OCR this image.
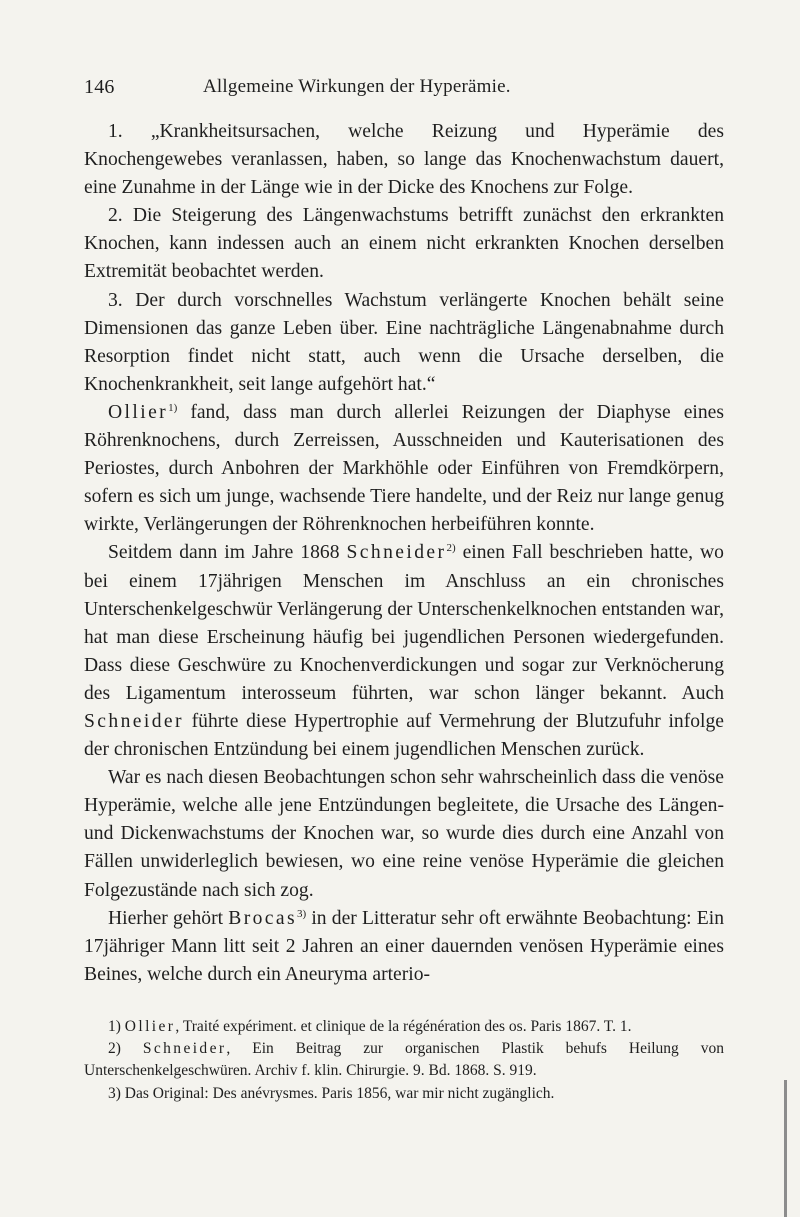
146	Allgemeine Wirkungen der Hyperämie.

1. „Krankheitsursachen, welche Reizung und Hyperämie des Knochengewebes veranlassen, haben, so lange das Knochenwachstum dauert, eine Zunahme in der Länge wie in der Dicke des Knochens zur Folge.

2. Die Steigerung des Längenwachstums betrifft zunächst den erkrankten Knochen, kann indessen auch an einem nicht erkrankten Knochen derselben Extremität beobachtet werden.

3. Der durch vorschnelles Wachstum verlängerte Knochen behält seine Dimensionen das ganze Leben über. Eine nachträgliche Längenabnahme durch Resorption findet nicht statt, auch wenn die Ursache derselben, die Knochenkrankheit, seit lange aufgehört hat.“

Ollier$^{1)}$ fand, dass man durch allerlei Reizungen der Diaphyse eines Röhrenknochens, durch Zerreissen, Ausschneiden und Kauterisationen des Periostes, durch Anbohren der Markhöhle oder Einführen von Fremdkörpern, sofern es sich um junge, wachsende Tiere handelte, und der Reiz nur lange genug wirkte, Verlängerungen der Röhrenknochen herbeiführen konnte.

Seitdem dann im Jahre 1868 Schneider$^{2)}$ einen Fall beschrieben hatte, wo bei einem 17jährigen Menschen im Anschluss an ein chronisches Unterschenkelgeschwür Verlängerung der Unterschenkelknochen entstanden war, hat man diese Erscheinung häufig bei jugendlichen Personen wiedergefunden. Dass diese Geschwüre zu Knochenverdickungen und sogar zur Verknöcherung des Ligamentum interosseum führten, war schon länger bekannt. Auch Schneider führte diese Hypertrophie auf Vermehrung der Blutzufuhr infolge der chronischen Entzündung bei einem jugendlichen Menschen zurück.

War es nach diesen Beobachtungen schon sehr wahrscheinlich dass die venöse Hyperämie, welche alle jene Entzündungen begleitete, die Ursache des Längen- und Dickenwachstums der Knochen war, so wurde dies durch eine Anzahl von Fällen unwiderleglich bewiesen, wo eine reine venöse Hyperämie die gleichen Folgezustände nach sich zog.

Hierher gehört Brocas$^{3)}$ in der Litteratur sehr oft erwähnte Beobachtung: Ein 17jähriger Mann litt seit 2 Jahren an einer dauernden venösen Hyperämie eines Beines, welche durch ein Aneuryma arterio-

1) Ollier, Traité expériment. et clinique de la régénération des os. Paris 1867. T. 1.

2) Schneider, Ein Beitrag zur organischen Plastik behufs Heilung von Unterschenkelgeschwüren. Archiv f. klin. Chirurgie. 9. Bd. 1868. S. 919.

3) Das Original: Des anévrysmes. Paris 1856, war mir nicht zugänglich.
